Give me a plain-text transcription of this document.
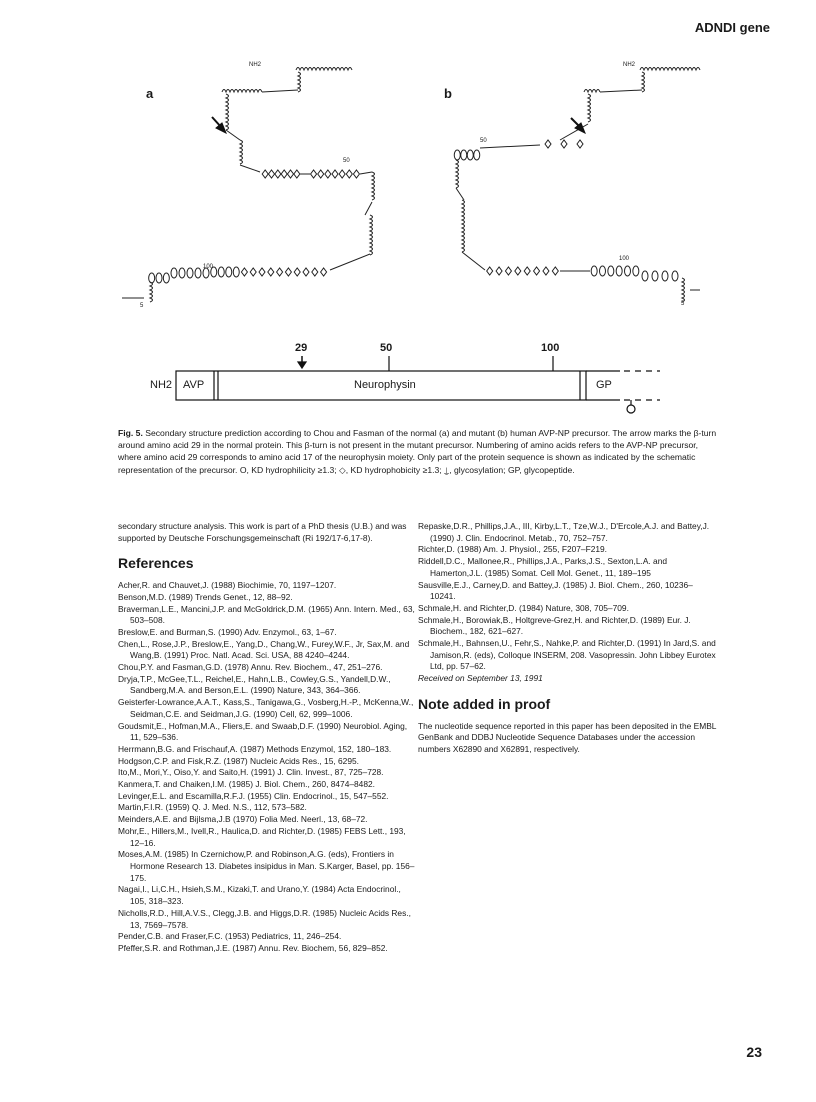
ADNDI gene
a	b
NH2	NH2
50
50
100
100
5	5
29	50	100
NH2 AVP	Neurophysin	GP
Fig. 5. Secondary structure prediction according to Chou and Fasman of the normal (a) and mutant (b) human AVP-NP precursor. The arrow marks the β-turn around amino acid 29 in the normal protein. This β-turn is not present in the mutant precursor. Numbering of amino acids refers to the AVP-NP precursor, where amino acid 29 corresponds to amino acid 17 of the neurophysin moiety. Only part of the protein sequence is shown as indicated by the schematic representation of the precursor. O, KD hydrophilicity ≥1.3; ◇, KD hydrophobicity ≥1.3; ⍊, glycosylation; GP, glycopeptide.

secondary structure analysis. This work is part of a PhD thesis (U.B.) and was supported by Deutsche Forschungsgemeinschaft (Ri 192/17-6,17-8).

References

Acher,R. and Chauvet,J. (1988) Biochimie, 70, 1197–1207.

Benson,M.D. (1989) Trends Genet., 12, 88–92.

Braverman,L.E., Mancini,J.P. and McGoldrick,D.M. (1965) Ann. Intern. Med., 63, 503–508.

Breslow,E. and Burman,S. (1990) Adv. Enzymol., 63, 1–67.

Chen,L., Rose,J.P., Breslow,E., Yang,D., Chang,W., Furey,W.F., Jr, Sax,M. and Wang,B. (1991) Proc. Natl. Acad. Sci. USA, 88 4240–4244.

Chou,P.Y. and Fasman,G.D. (1978) Annu. Rev. Biochem., 47, 251–276.

Dryja,T.P., McGee,T.L., Reichel,E., Hahn,L.B., Cowley,G.S., Yandell,D.W., Sandberg,M.A. and Berson,E.L. (1990) Nature, 343, 364–366.

Geisterfer-Lowrance,A.A.T., Kass,S., Tanigawa,G., Vosberg,H.-P., McKenna,W., Seidman,C.E. and Seidman,J.G. (1990) Cell, 62, 999–1006.

Goudsmit,E., Hofman,M.A., Fliers,E. and Swaab,D.F. (1990) Neurobiol. Aging, 11, 529–536.

Herrmann,B.G. and Frischauf,A. (1987) Methods Enzymol, 152, 180–183.

Hodgson,C.P. and Fisk,R.Z. (1987) Nucleic Acids Res., 15, 6295.

Ito,M., Mori,Y., Oiso,Y. and Saito,H. (1991) J. Clin. Invest., 87, 725–728.

Kanmera,T. and Chaiken,I.M. (1985) J. Biol. Chem., 260, 8474–8482.

Levinger,E.L. and Escamilla,R.F.J. (1955) Clin. Endocrinol., 15, 547–552.

Martin,F.I.R. (1959) Q. J. Med. N.S., 112, 573–582.

Meinders,A.E. and Bijlsma,J.B (1970) Folia Med. Neerl., 13, 68–72.

Mohr,E., Hillers,M., Ivell,R., Haulica,D. and Richter,D. (1985) FEBS Lett., 193, 12–16.

Moses,A.M. (1985) In Czernichow,P. and Robinson,A.G. (eds), Frontiers in Hormone Research 13. Diabetes insipidus in Man. S.Karger, Basel, pp. 156–175.

Nagai,I., Li,C.H., Hsieh,S.M., Kizaki,T. and Urano,Y. (1984) Acta Endocrinol., 105, 318–323.

Nicholls,R.D., Hill,A.V.S., Clegg,J.B. and Higgs,D.R. (1985) Nucleic Acids Res., 13, 7569–7578.

Pender,C.B. and Fraser,F.C. (1953) Pediatrics, 11, 246–254.

Pfeffer,S.R. and Rothman,J.E. (1987) Annu. Rev. Biochem, 56, 829–852.

Repaske,D.R., Phillips,J.A., III, Kirby,L.T., Tze,W.J., D'Ercole,A.J. and Battey,J. (1990) J. Clin. Endocrinol. Metab., 70, 752–757.

Richter,D. (1988) Am. J. Physiol., 255, F207–F219.

Riddell,D.C., Mallonee,R., Phillips,J.A., Parks,J.S., Sexton,L.A. and Hamerton,J.L. (1985) Somat. Cell Mol. Genet., 11, 189–195

Sausville,E.J., Carney,D. and Battey,J. (1985) J. Biol. Chem., 260, 10236–10241.

Schmale,H. and Richter,D. (1984) Nature, 308, 705–709.

Schmale,H., Borowiak,B., Holtgreve-Grez,H. and Richter,D. (1989) Eur. J. Biochem., 182, 621–627.

Schmale,H., Bahnsen,U., Fehr,S., Nahke,P. and Richter,D. (1991) In Jard,S. and Jamison,R. (eds), Colloque INSERM, 208. Vasopressin. John Libbey Eurotex Ltd, pp. 57–62.

Received on September 13, 1991

Note added in proof

The nucleotide sequence reported in this paper has been deposited in the EMBL GenBank and DDBJ Nucleotide Sequence Databases under the accession numbers X62890 and X62891, respectively.

23
